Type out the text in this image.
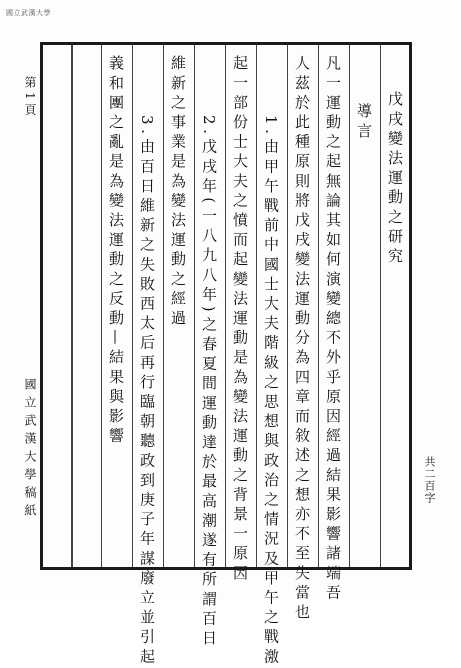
國立武漢大學
第1頁
國立武漢大學稿紙	共二百字
戊戌變法運動之研究
導言
凡一運動之起無論其如何演變總不外乎原因經過結果影響諸端吾
人茲於此種原則將戊戌變法運動分為四章而敘述之想亦不至失當也
1.由甲午戰前中國士大夫階級之思想與政治之情況及甲午之戰激
起一部份士大夫之憤而起變法運動是為變法運動之背景一原因
2.戊戌年(一八九八年)之春夏間運動達於最高潮遂有所謂百日
維新之事業是為變法運動之經過
3.由百日維新之失敗西太后再行臨朝聽政到庚子年謀廢立並引起
義和團之亂是為變法運動之反動—結果與影響
